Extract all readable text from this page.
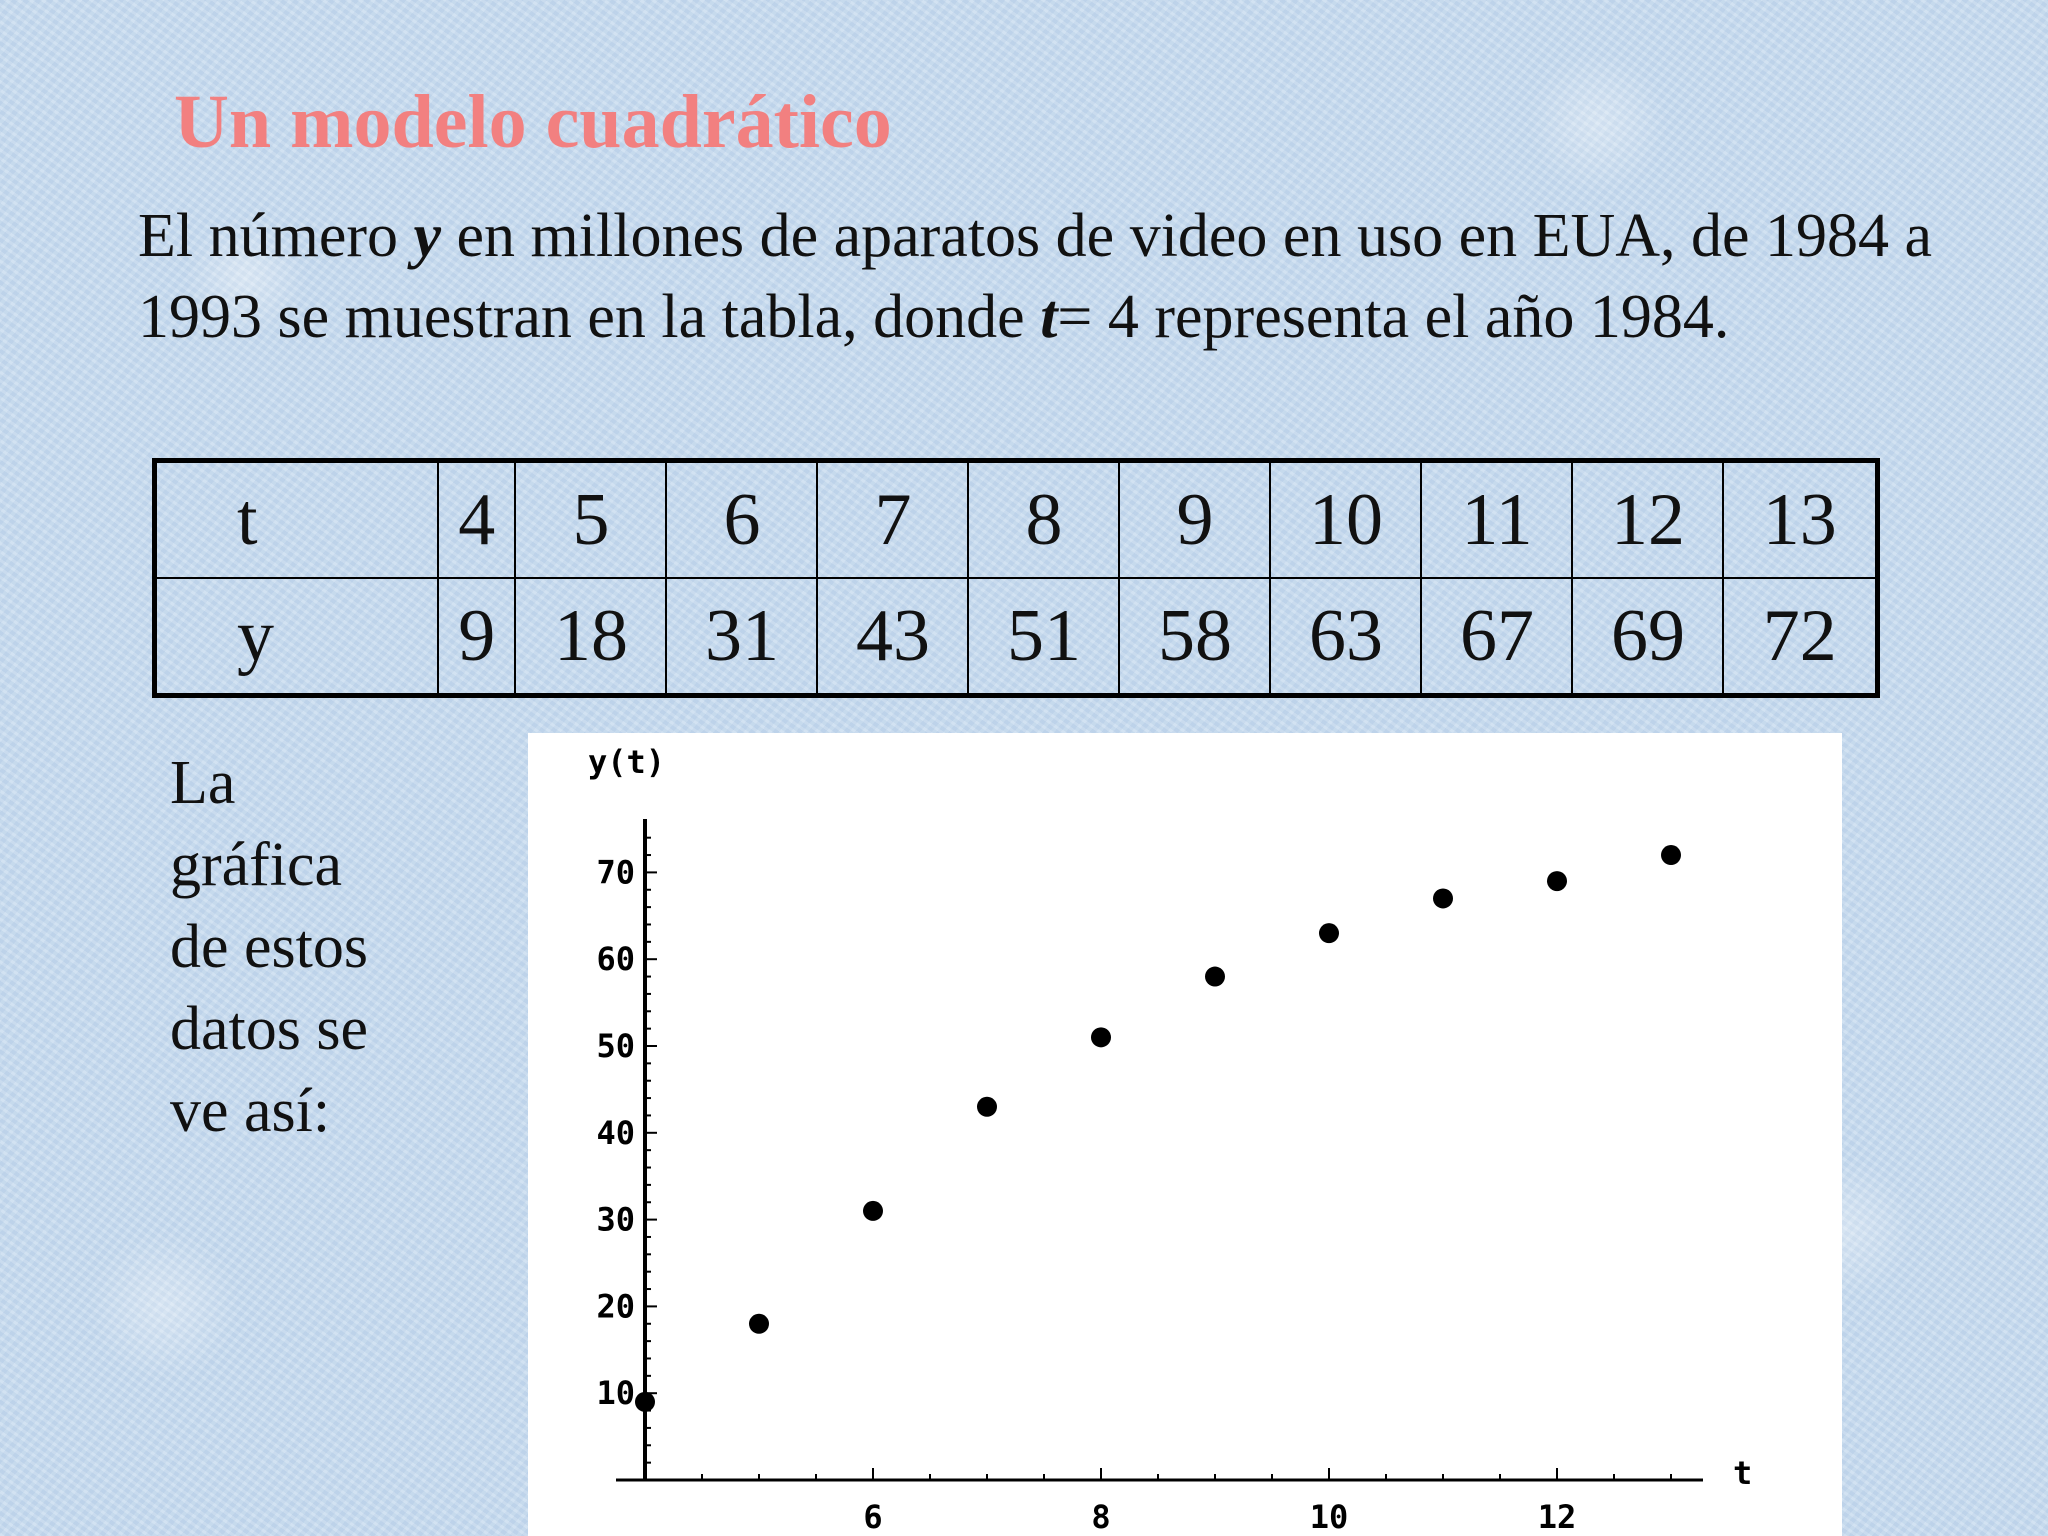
Un modelo cuadrático

El número y en millones de aparatos de video en uso en EUA, de 1984 a 1993 se muestran en la tabla, donde t= 4 representa el año 1984.

t	4	5	6	7	8	9	10	11	12	13
y	9	18	31	43	51	58	63	67	69	72
La
gráfica
de estos
datos se
ve así:
10
20
30
40
50
60
70
6	8	10	12
y(t)
t
